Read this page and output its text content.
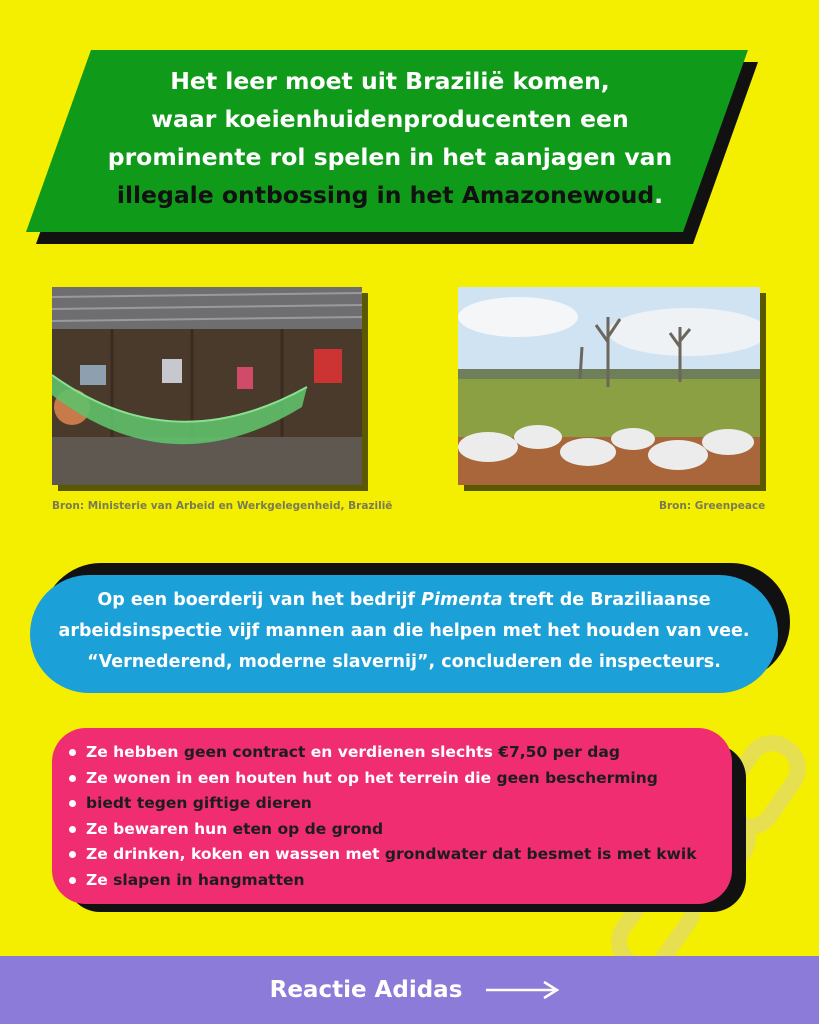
Het leer moet uit Brazilië komen,
waar koeienhuidenproducenten een
prominente rol spelen in het aanjagen van
illegale ontbossing in het Amazonewoud.
Bron: Ministerie van Arbeid en Werkgelegenheid, Brazilië	Bron: Greenpeace
Op een boerderij van het bedrijf Pimenta treft de Braziliaanse
arbeidsinspectie vijf mannen aan die helpen met het houden van vee.
“Vernederend, moderne slavernij”, concluderen de inspecteurs.
Ze hebben geen contract en verdienen slechts €7,50 per dag
Ze wonen in een houten hut op het terrein die geen bescherming
biedt tegen giftige dieren
Ze bewaren hun eten op de grond
Ze drinken, koken en wassen met grondwater dat besmet is met kwik
Ze slapen in hangmatten
Reactie Adidas
